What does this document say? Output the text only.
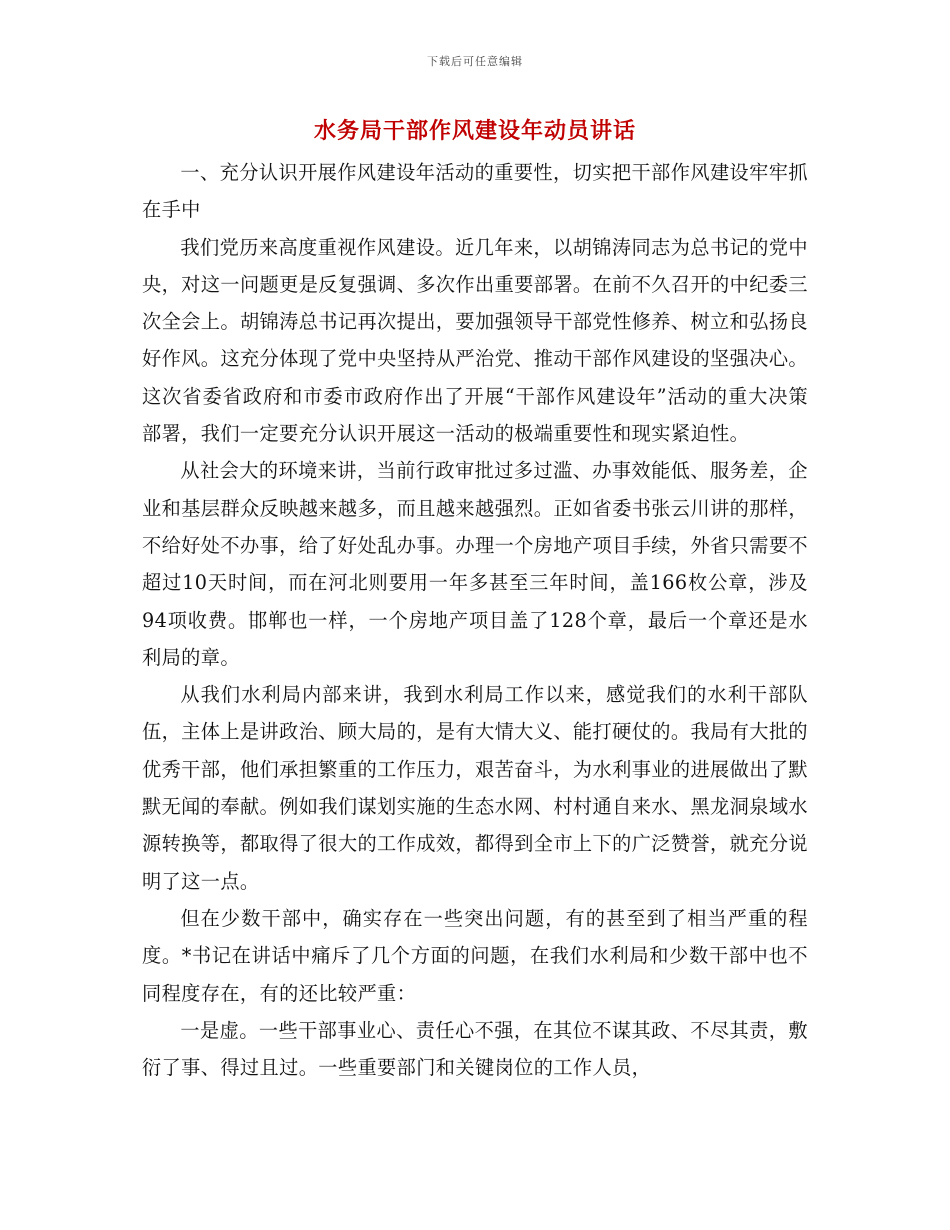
下载后可任意编辑
水务局干部作风建设年动员讲话

一、充分认识开展作风建设年活动的重要性，切实把干部作风建设牢牢抓在手中

我们党历来高度重视作风建设。近几年来，以胡锦涛同志为总书记的党中央，对这一问题更是反复强调、多次作出重要部署。在前不久召开的中纪委三次全会上。胡锦涛总书记再次提出，要加强领导干部党性修养、树立和弘扬良好作风。这充分体现了党中央坚持从严治党、推动干部作风建设的坚强决心。这次省委省政府和市委市政府作出了开展“干部作风建设年”活动的重大决策部署，我们一定要充分认识开展这一活动的极端重要性和现实紧迫性。

从社会大的环境来讲，当前行政审批过多过滥、办事效能低、服务差，企业和基层群众反映越来越多，而且越来越强烈。正如省委书张云川讲的那样，不给好处不办事，给了好处乱办事。办理一个房地产项目手续，外省只需要不超过10天时间，而在河北则要用一年多甚至三年时间，盖166枚公章，涉及94项收费。邯郸也一样，一个房地产项目盖了128个章，最后一个章还是水利局的章。

从我们水利局内部来讲，我到水利局工作以来，感觉我们的水利干部队伍，主体上是讲政治、顾大局的，是有大情大义、能打硬仗的。我局有大批的优秀干部，他们承担繁重的工作压力，艰苦奋斗，为水利事业的进展做出了默默无闻的奉献。例如我们谋划实施的生态水网、村村通自来水、黑龙洞泉域水源转换等，都取得了很大的工作成效，都得到全市上下的广泛赞誉，就充分说明了这一点。

但在少数干部中，确实存在一些突出问题，有的甚至到了相当严重的程度。*书记在讲话中痛斥了几个方面的问题，在我们水利局和少数干部中也不同程度存在，有的还比较严重：

一是虚。一些干部事业心、责任心不强，在其位不谋其政、不尽其责，敷衍了事、得过且过。一些重要部门和关键岗位的工作人员，
